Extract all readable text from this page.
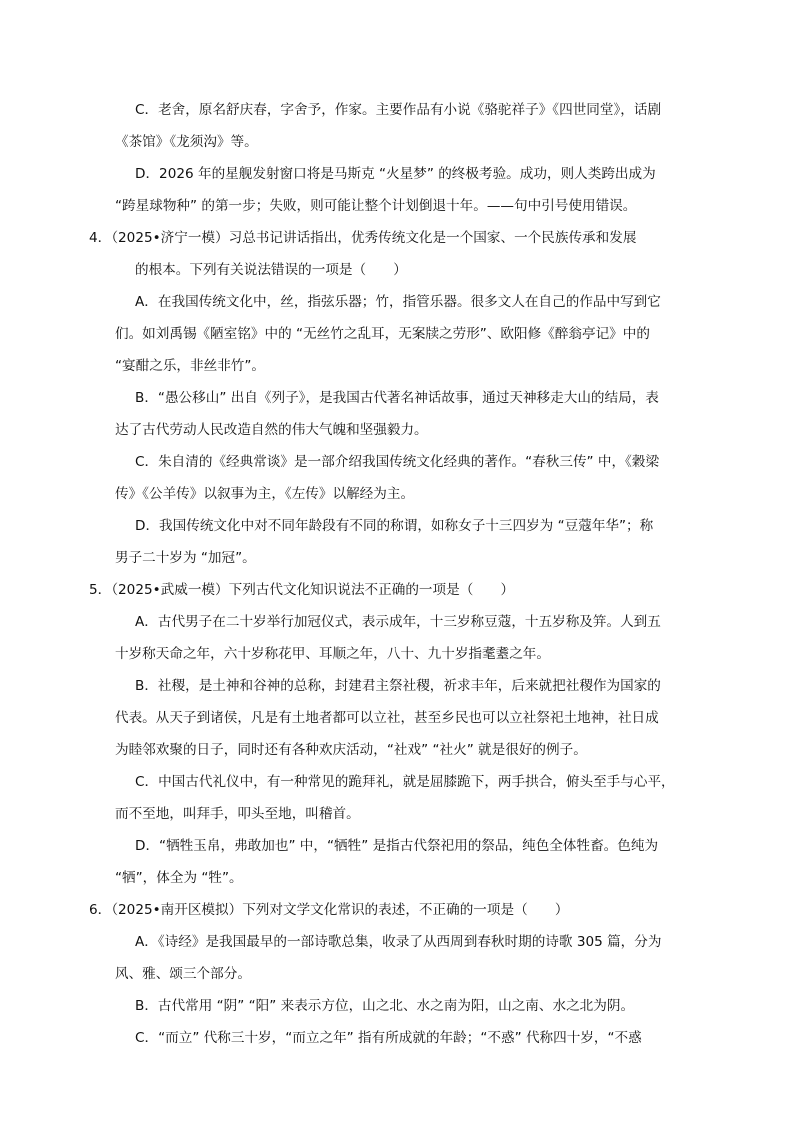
C．老舍，原名舒庆春，字舍予，作家。主要作品有小说《骆驼祥子》《四世同堂》，话剧
《茶馆》《龙须沟》等。
D．2026 年的星舰发射窗口将是马斯克 “火星梦” 的终极考验。成功，则人类跨出成为
“跨星球物种” 的第一步；失败，则可能让整个计划倒退十年。——句中引号使用错误。
4．（2025•济宁一模）习总书记讲话指出，优秀传统文化是一个国家、一个民族传承和发展
的根本。下列有关说法错误的一项是（　　）
A．在我国传统文化中，丝，指弦乐器；竹，指管乐器。很多文人在自己的作品中写到它
们。如刘禹锡《陋室铭》中的 “无丝竹之乱耳，无案牍之劳形”、欧阳修《醉翁亭记》中的
“宴酣之乐，非丝非竹”。
B．“愚公移山” 出自《列子》，是我国古代著名神话故事，通过天神移走大山的结局，表
达了古代劳动人民改造自然的伟大气魄和坚强毅力。
C．朱自清的《经典常谈》是一部介绍我国传统文化经典的著作。“春秋三传” 中，《穀梁
传》《公羊传》以叙事为主，《左传》以解经为主。
D．我国传统文化中对不同年龄段有不同的称谓，如称女子十三四岁为 “豆蔻年华”；称
男子二十岁为 “加冠”。
5．（2025•武威一模）下列古代文化知识说法不正确的一项是（　　）
A．古代男子在二十岁举行加冠仪式，表示成年，十三岁称豆蔻，十五岁称及笄。人到五
十岁称天命之年，六十岁称花甲、耳顺之年，八十、九十岁指耄耋之年。
B．社稷，是土神和谷神的总称，封建君主祭社稷，祈求丰年，后来就把社稷作为国家的
代表。从天子到诸侯，凡是有土地者都可以立社，甚至乡民也可以立社祭祀土地神，社日成
为睦邻欢聚的日子，同时还有各种欢庆活动，“社戏” “社火” 就是很好的例子。
C．中国古代礼仪中，有一种常见的跪拜礼，就是屈膝跪下，两手拱合，俯头至手与心平，
而不至地，叫拜手，叩头至地，叫稽首。
D．“牺牲玉帛，弗敢加也” 中，“牺牲” 是指古代祭祀用的祭品，纯色全体牲畜。色纯为
“牺”，体全为 “牲”。
6．（2025•南开区模拟）下列对文学文化常识的表述，不正确的一项是（　　）
A．《诗经》是我国最早的一部诗歌总集，收录了从西周到春秋时期的诗歌 305 篇，分为
风、雅、颂三个部分。
B．古代常用 “阴” “阳” 来表示方位，山之北、水之南为阳，山之南、水之北为阴。
C．“而立” 代称三十岁，“而立之年” 指有所成就的年龄；“不惑” 代称四十岁，“不惑
